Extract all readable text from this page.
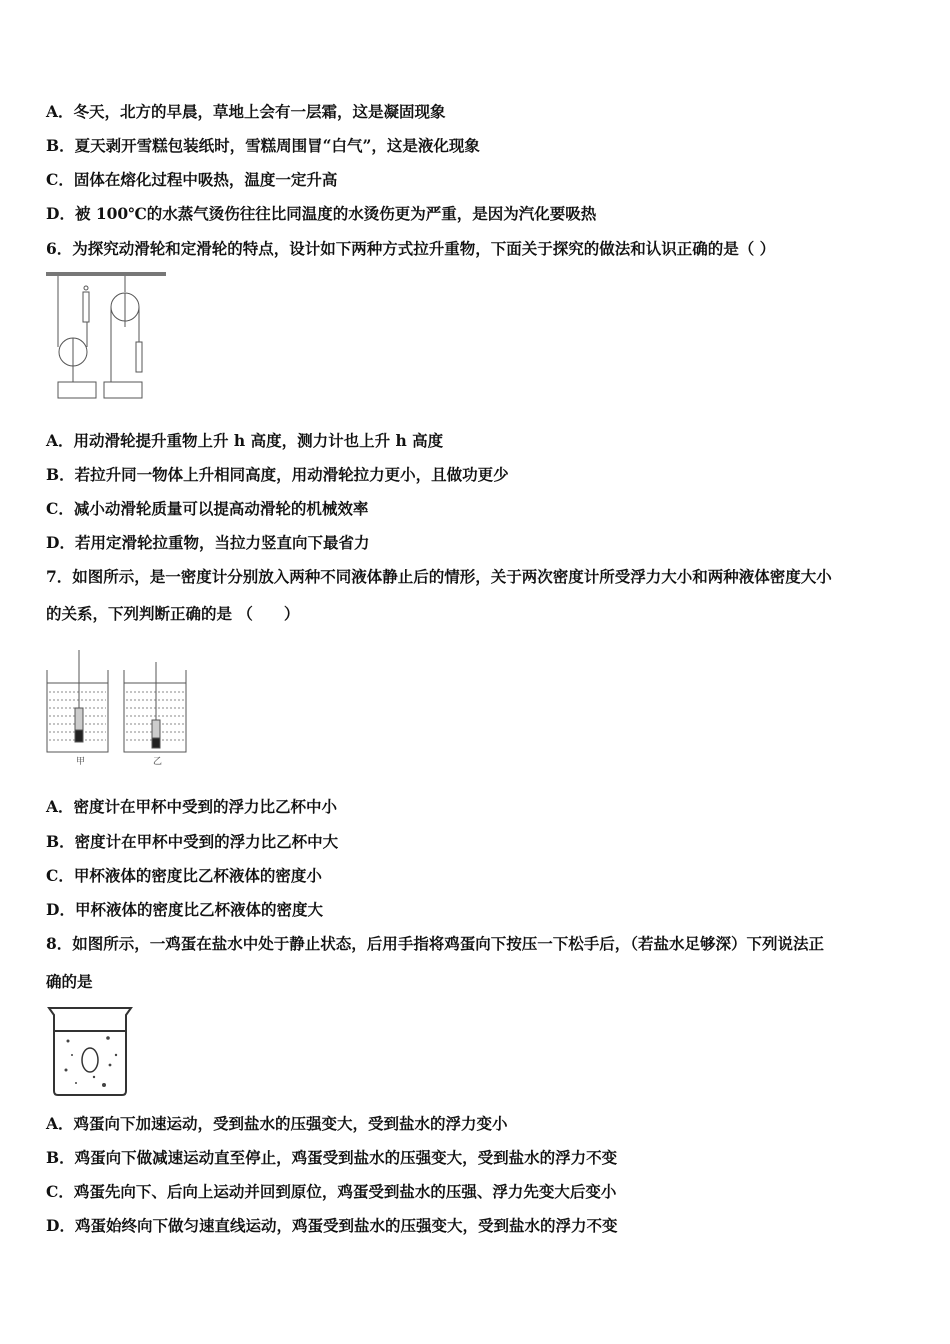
A．冬天，北方的早晨，草地上会有一层霜，这是凝固现象
B．夏天剥开雪糕包装纸时，雪糕周围冒“白气”，这是液化现象
C．固体在熔化过程中吸热，温度一定升高
D．被 100℃的水蒸气烫伤往往比同温度的水烫伤更为严重，是因为汽化要吸热
6．为探究动滑轮和定滑轮的特点，设计如下两种方式拉升重物，下面关于探究的做法和认识正确的是（ ）
A．用动滑轮提升重物上升 h 高度，测力计也上升 h 高度
B．若拉升同一物体上升相同高度，用动滑轮拉力更小，且做功更少
C．减小动滑轮质量可以提高动滑轮的机械效率
D．若用定滑轮拉重物，当拉力竖直向下最省力
7．如图所示，是一密度计分别放入两种不同液体静止后的情形，关于两次密度计所受浮力大小和两种液体密度大小
的关系，下列判断正确的是 （　　）
甲	乙
A．密度计在甲杯中受到的浮力比乙杯中小
B．密度计在甲杯中受到的浮力比乙杯中大
C．甲杯液体的密度比乙杯液体的密度小
D．甲杯液体的密度比乙杯液体的密度大
8．如图所示，一鸡蛋在盐水中处于静止状态，后用手指将鸡蛋向下按压一下松手后，（若盐水足够深）下列说法正
确的是
A．鸡蛋向下加速运动，受到盐水的压强变大，受到盐水的浮力变小
B．鸡蛋向下做减速运动直至停止，鸡蛋受到盐水的压强变大，受到盐水的浮力不变
C．鸡蛋先向下、后向上运动并回到原位，鸡蛋受到盐水的压强、浮力先变大后变小
D．鸡蛋始终向下做匀速直线运动，鸡蛋受到盐水的压强变大，受到盐水的浮力不变
